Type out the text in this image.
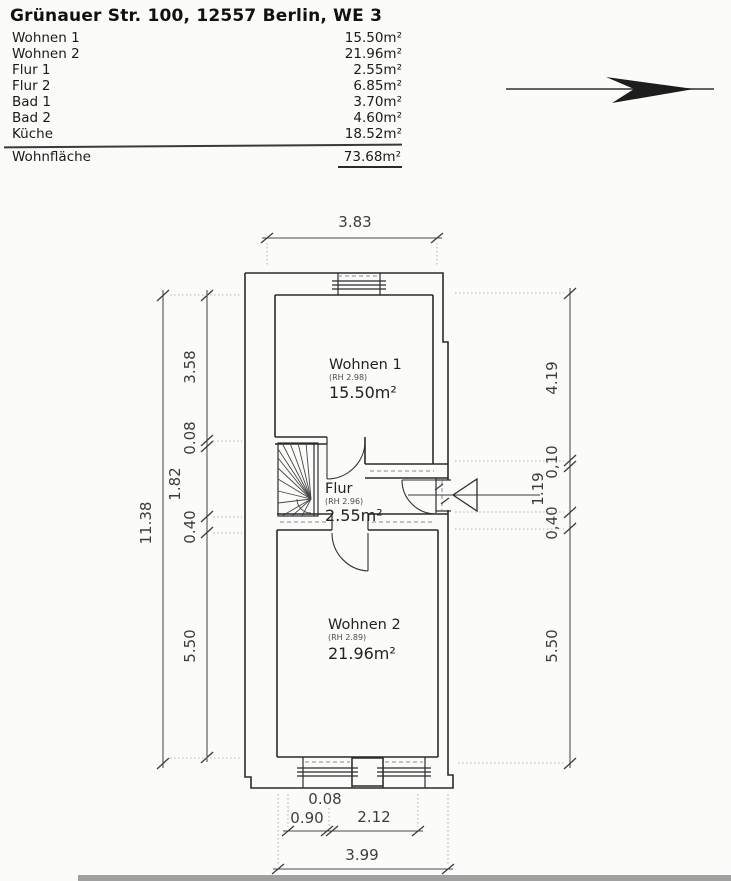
Grünauer Str. 100, 12557 Berlin, WE 3
Wohnen 1	15.50m²
Wohnen 2	21.96m²
Flur 1	2.55m²
Flur 2	6.85m²
Bad 1	3.70m²
Bad 2	4.60m²
Küche	18.52m²
Wohnfläche	73.68m²
3.83
11.38
3.58
0.08
1.82
0.40
5.50
4.19
0,10
1.19
0,40
5.50
0.08
0.90 2.12
3.99
Wohnen 1
(RH 2.98)
15.50m²
Flur
(RH 2.96)
2.55m²
Wohnen 2
(RH 2.89)
21.96m²
